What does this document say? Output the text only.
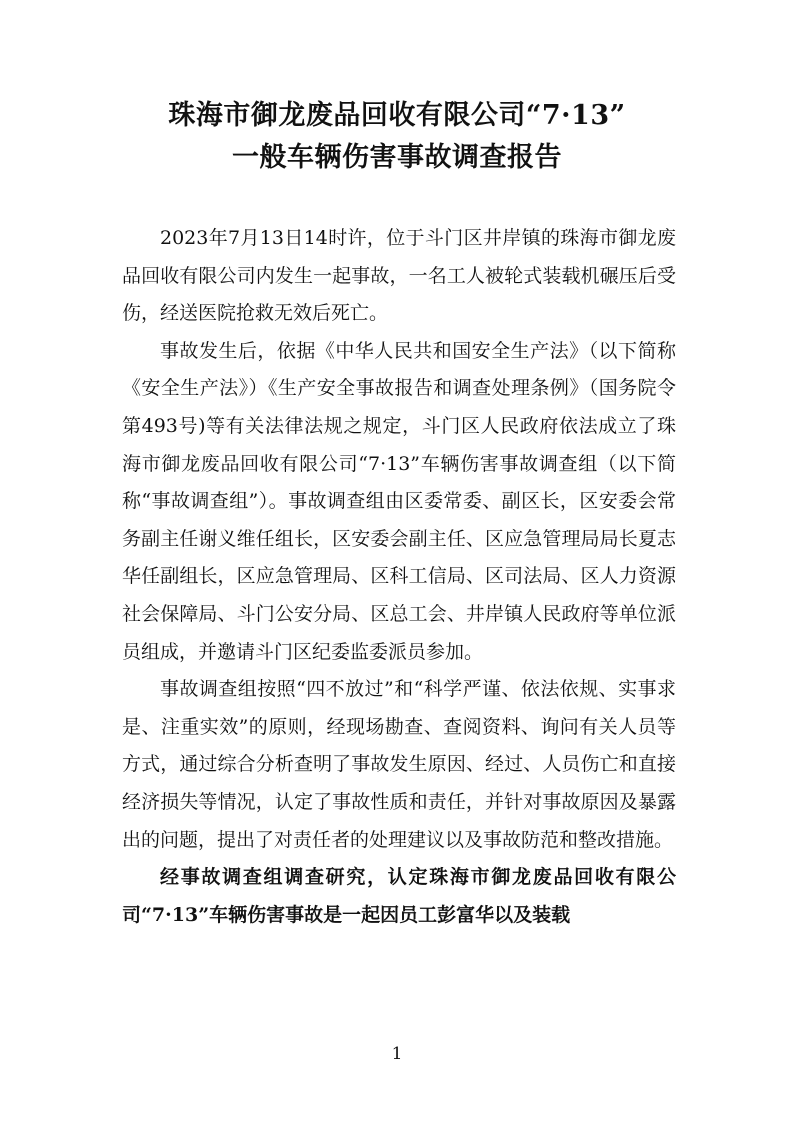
珠海市御龙废品回收有限公司“7·13”
一般车辆伤害事故调查报告

2023年7月13日14时许，位于斗门区井岸镇的珠海市御龙废品回收有限公司内发生一起事故，一名工人被轮式装载机碾压后受伤，经送医院抢救无效后死亡。

事故发生后，依据《中华人民共和国安全生产法》（以下简称《安全生产法》）《生产安全事故报告和调查处理条例》（国务院令第493号)等有关法律法规之规定，斗门区人民政府依法成立了珠海市御龙废品回收有限公司“7·13”车辆伤害事故调查组（以下简称“事故调查组”）。事故调查组由区委常委、副区长，区安委会常务副主任谢义维任组长，区安委会副主任、区应急管理局局长夏志华任副组长，区应急管理局、区科工信局、区司法局、区人力资源社会保障局、斗门公安分局、区总工会、井岸镇人民政府等单位派员组成，并邀请斗门区纪委监委派员参加。

事故调查组按照“四不放过”和“科学严谨、依法依规、实事求是、注重实效”的原则，经现场勘查、查阅资料、询问有关人员等方式，通过综合分析查明了事故发生原因、经过、人员伤亡和直接经济损失等情况，认定了事故性质和责任，并针对事故原因及暴露出的问题，提出了对责任者的处理建议以及事故防范和整改措施。

经事故调查组调查研究，认定珠海市御龙废品回收有限公司“7·13”车辆伤害事故是一起因员工彭富华以及装载

1
